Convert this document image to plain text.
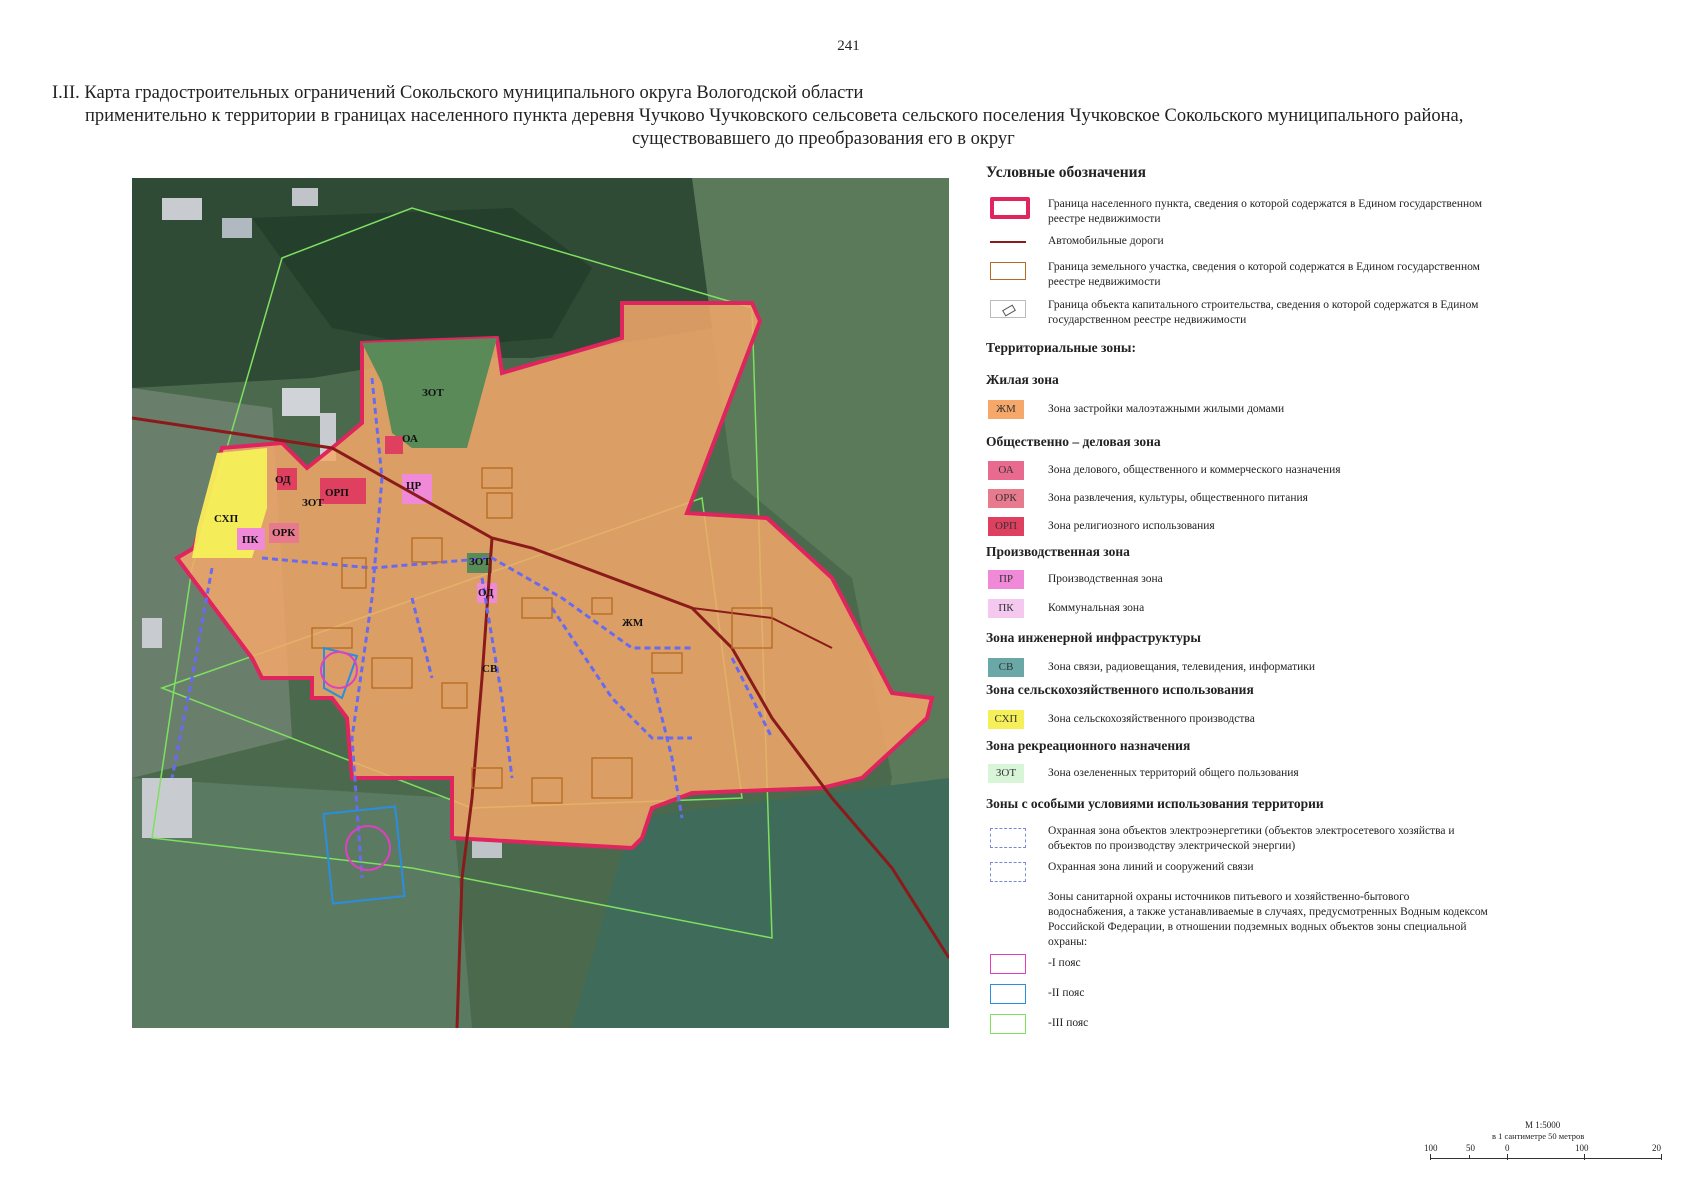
241
I.II. Карта градостроительных ограничений Сокольского муниципального округа Вологодской области
применительно к территории в границах населенного пункта деревня Чучково Чучковского сельсовета сельского поселения Чучковское Сокольского муниципального района,
существовавшего до преобразования его в округ
ЗОТ
ОА
ОД
ОРП
ЦР
ЗОТ
СХП
ПК
ОРК
ЗОТ
ОД
ЖМ
СВ
Условные обозначения
Граница населенного пункта, сведения о которой содержатся в Едином государственном реестре недвижимости
Автомобильные дороги
Граница земельного участка, сведения о которой содержатся в Едином государственном реестре недвижимости
Граница объекта капитального строительства, сведения о которой содержатся в Едином государственном реестре недвижимости
Территориальные зоны:
Жилая зона
ЖМ	Зона застройки малоэтажными жилыми домами
Общественно – деловая зона
ОА	Зона делового, общественного и коммерческого назначения
ОРК	Зона развлечения, культуры, общественного питания
ОРП	Зона религиозного использования
Производственная зона
ПР	Производственная зона
ПК	Коммунальная зона
Зона инженерной инфраструктуры
СВ	Зона связи, радиовещания, телевидения, информатики
Зона сельскохозяйственного использования
СХП	Зона сельскохозяйственного производства
Зона рекреационного назначения
ЗОТ	Зона озелененных территорий общего пользования
Зоны с особыми условиями использования территории
Охранная зона объектов электроэнергетики (объектов электросетевого хозяйства и объектов по производству электрической энергии)
Охранная зона линий и сооружений связи
Зоны санитарной охраны источников питьевого и хозяйственно-бытового водоснабжения, а также устанавливаемые в случаях, предусмотренных Водным кодексом Российской Федерации, в отношении подземных водных объектов зоны специальной охраны:
-I пояс
-II пояс
-III пояс
М 1:5000
в 1 сантиметре 50 метров
100	50	0	100	20
